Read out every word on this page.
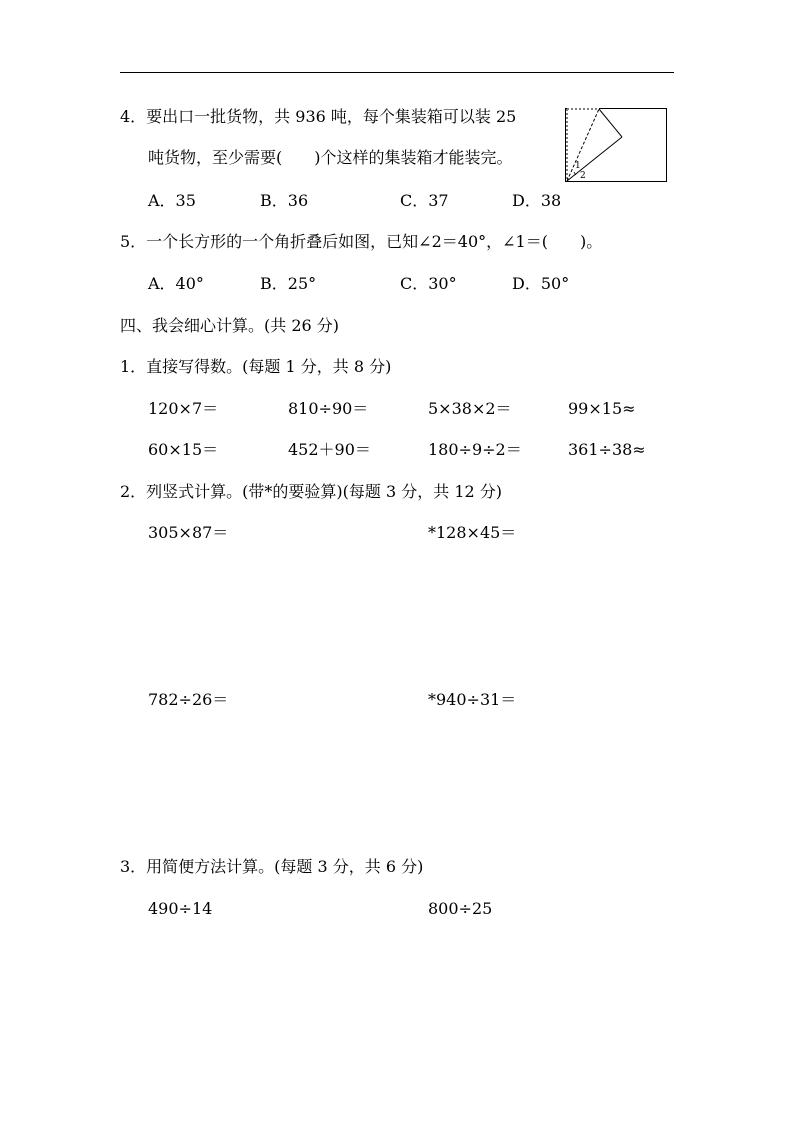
4．要出口一批货物，共 936 吨，每个集装箱可以装 25
吨货物，至少需要(　　)个这样的集装箱才能装完。
A．35	B．36	C．37	D．38
1
2
5．一个长方形的一个角折叠后如图，已知∠2＝40°，∠1＝(　　)。
A．40°	B．25°	C．30°	D．50°
四、我会细心计算。(共 26 分)
1．直接写得数。(每题 1 分，共 8 分)
120×7＝	810÷90＝	5×38×2＝	99×15≈
60×15＝	452＋90＝	180÷9÷2＝	361÷38≈
2．列竖式计算。(带*的要验算)(每题 3 分，共 12 分)
305×87＝	*128×45＝
782÷26＝	*940÷31＝
3．用简便方法计算。(每题 3 分，共 6 分)
490÷14	800÷25
